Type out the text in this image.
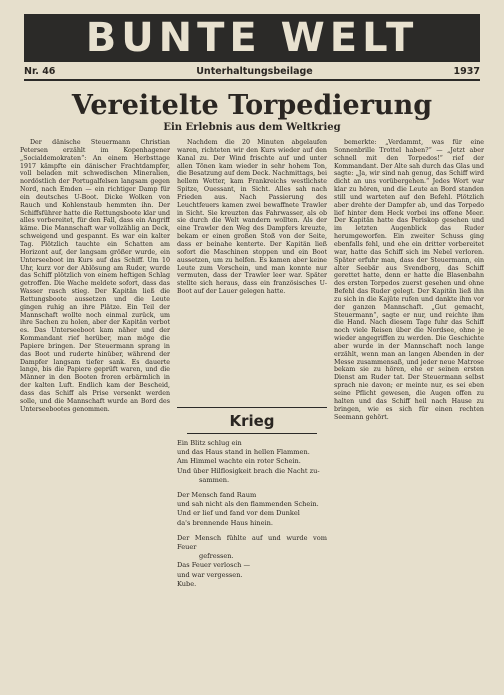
BUNTE WELT
Nr. 46	Unterhaltungsbeilage	1937
Vereitelte Torpedierung
Ein Erlebnis aus dem Weltkrieg

Der dänische Steuermann Christian Petersen erzählt im Kopenhagener „Socialdemokraten“: An einem Herbsttage 1917 kämpfte ein dänischer Frachtdampfer, voll beladen mit schwedischen Mineralien, nordöstlich der Portugalfelsen langsam gegen Nord, nach Emden — ein richtiger Damp für ein deutsches U-Boot. Dicke Wolken von Rauch und Kohlenstaub hemmten ihn. Der Schiffsführer hatte die Rettungsboote klar und alles vorbereitet, für den Fall, dass ein Angriff käme. Die Mannschaft war vollzählig an Deck, schweigend und gespannt. Es war ein kalter Tag. Plötzlich tauchte ein Schatten am Horizont auf, der langsam größer wurde, ein Unterseeboot im Kurs auf das Schiff. Um 10 Uhr, kurz vor der Ablösung am Ruder, wurde das Schiff plötzlich von einem heftigen Schlag getroffen. Die Wache meldete sofort, dass das Wasser rasch stieg. Der Kapitän ließ die Rettungsboote aussetzen und die Leute gingen ruhig an ihre Plätze. Ein Teil der Mannschaft wollte noch einmal zurück, um ihre Sachen zu holen, aber der Kapitän verbot es. Das Unterseeboot kam näher und der Kommandant rief herüber, man möge die Papiere bringen. Der Steuermann sprang in das Boot und ruderte hinüber, während der Dampfer langsam tiefer sank. Es dauerte lange, bis die Papiere geprüft waren, und die Männer in den Booten froren erbärmlich in der kalten Luft. Endlich kam der Bescheid, dass das Schiff als Prise versenkt werden solle, und die Mannschaft wurde an Bord des Unterseebootes genommen.

Nachdem die 20 Minuten abgelaufen waren, richteten wir den Kurs wieder auf den Kanal zu. Der Wind frischte auf und unter allen Tönen kam wieder in sehr hohem Ton, die Besatzung auf dem Deck. Nachmittags, bei hellem Wetter, kam Frankreichs westlichste Spitze, Ouessant, in Sicht. Alles sah nach Frieden aus. Nach Passierung des Leuchtfeuers kamen zwei bewaffnete Trawler in Sicht. Sie kreuzten das Fahrwasser, als ob sie durch die Welt wandern wollten. Als der eine Trawler den Weg des Dampfers kreuzte, bekam er einen großen Stoß von der Seite, dass er beinahe kenterte. Der Kapitän ließ sofort die Maschinen stoppen und ein Boot aussetzen, um zu helfen. Es kamen aber keine Leute zum Vorschein, und man konnte nur vermuten, dass der Trawler leer war. Später stellte sich heraus, dass ein französisches U-Boot auf der Lauer gelegen hatte.

Krieg
Ein Blitz schlug ein
und das Haus stand in hellen Flammen.
Am Himmel wachte ein roter Schein.
Und über Hilflosigkeit brach die Nacht zu-
sammen.
Der Mensch fand Raum
und sah nicht als den flammenden Schein.
Und er lief und fand vor dem Dunkel
da's brennende Haus hinein.
Der Mensch fühlte auf und wurde vom Feuer
gefressen.
Das Feuer verlosch —
und war vergessen.
Kube.

bemerkte: „Verdammt, was für eine Sonnenbrille Trottel haben?“ — „Jetzt aber schnell mit den Torpedos!“ rief der Kommandant. Der Alte sah durch das Glas und sagte: „Ja, wir sind nah genug, das Schiff wird dicht an uns vorübergehen.“ Jedes Wort war klar zu hören, und die Leute an Bord standen still und warteten auf den Befehl. Plötzlich aber drehte der Dampfer ab, und das Torpedo lief hinter dem Heck vorbei ins offene Meer. Der Kapitän hatte das Periskop gesehen und im letzten Augenblick das Ruder herumgeworfen. Ein zweiter Schuss ging ebenfalls fehl, und ehe ein dritter vorbereitet war, hatte das Schiff sich im Nebel verloren. Später erfuhr man, dass der Steuermann, ein alter Seebär aus Svendborg, das Schiff gerettet hatte, denn er hatte die Blasenbahn des ersten Torpedos zuerst gesehen und ohne Befehl das Ruder gelegt. Der Kapitän ließ ihn zu sich in die Kajüte rufen und dankte ihm vor der ganzen Mannschaft. „Gut gemacht, Steuermann“, sagte er nur, und reichte ihm die Hand. Nach diesem Tage fuhr das Schiff noch viele Reisen über die Nordsee, ohne je wieder angegriffen zu werden. Die Geschichte aber wurde in der Mannschaft noch lange erzählt, wenn man an langen Abenden in der Messe zusammensaß, und jeder neue Matrose bekam sie zu hören, ehe er seinen ersten Dienst am Ruder tat. Der Steuermann selbst sprach nie davon; er meinte nur, es sei eben seine Pflicht gewesen, die Augen offen zu halten und das Schiff heil nach Hause zu bringen, wie es sich für einen rechten Seemann gehört.
